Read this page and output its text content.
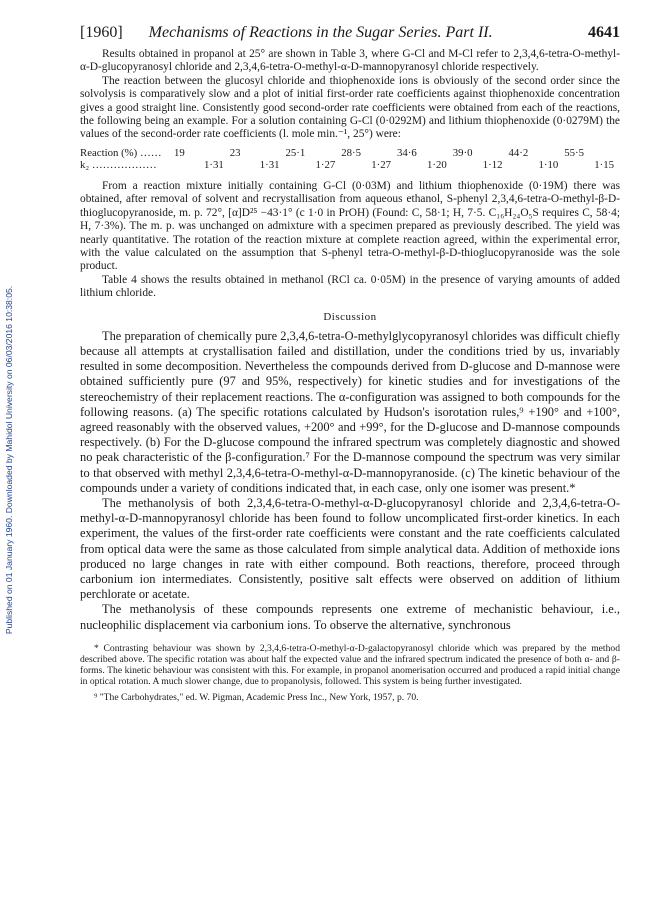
Published on 01 January 1960. Downloaded by Mahidol University on 06/03/2016 10:38:05.
[1960] Mechanisms of Reactions in the Sugar Series. Part II.	4641

Results obtained in propanol at 25° are shown in Table 3, where G-Cl and M-Cl refer to 2,3,4,6-tetra-O-methyl-α-D-glucopyranosyl chloride and 2,3,4,6-tetra-O-methyl-α-D-mannopyranosyl chloride respectively.

The reaction between the glucosyl chloride and thiophenoxide ions is obviously of the second order since the solvolysis is comparatively slow and a plot of initial first-order rate coefficients against thiophenoxide concentration gives a good straight line. Consistently good second-order rate coefficients were obtained from each of the reactions, the following being an example. For a solution containing G-Cl (0·0292M) and lithium thiophenoxide (0·0279M) the values of the second-order rate coefficients (l. mole min.⁻¹, 25°) were:

Reaction (%) ……	19	23	25·1	28·5	34·6	39·0	44·2	55·5
k₂ ………………	1·31	1·31	1·27	1·27	1·20	1·12	1·10	1·15

From a reaction mixture initially containing G-Cl (0·03M) and lithium thiophenoxide (0·19M) there was obtained, after removal of solvent and recrystallisation from aqueous ethanol, S-phenyl 2,3,4,6-tetra-O-methyl-β-D-thioglucopyranoside, m. p. 72°, [α]D²⁵ −43·1° (c 1·0 in PrOH) (Found: C, 58·1; H, 7·5. C₁₆H₂₄O₅S requires C, 58·4; H, 7·3%). The m. p. was unchanged on admixture with a specimen prepared as previously described. The yield was nearly quantitative. The rotation of the reaction mixture at complete reaction agreed, within the experimental error, with the value calculated on the assumption that S-phenyl tetra-O-methyl-β-D-thioglucopyranoside was the sole product.

Table 4 shows the results obtained in methanol (RCl ca. 0·05M) in the presence of varying amounts of added lithium chloride.

Discussion

The preparation of chemically pure 2,3,4,6-tetra-O-methylglycopyranosyl chlorides was difficult chiefly because all attempts at crystallisation failed and distillation, under the conditions tried by us, invariably resulted in some decomposition. Nevertheless the compounds derived from D-glucose and D-mannose were obtained sufficiently pure (97 and 95%, respectively) for kinetic studies and for investigations of the stereochemistry of their replacement reactions. The α-configuration was assigned to both compounds for the following reasons. (a) The specific rotations calculated by Hudson's isorotation rules,⁹ +190° and +100°, agreed reasonably with the observed values, +200° and +99°, for the D-glucose and D-mannose compounds respectively. (b) For the D-glucose compound the infrared spectrum was completely diagnostic and showed no peak characteristic of the β-configuration.⁷ For the D-mannose compound the spectrum was very similar to that observed with methyl 2,3,4,6-tetra-O-methyl-α-D-mannopyranoside. (c) The kinetic behaviour of the compounds under a variety of conditions indicated that, in each case, only one isomer was present.*

The methanolysis of both 2,3,4,6-tetra-O-methyl-α-D-glucopyranosyl chloride and 2,3,4,6-tetra-O-methyl-α-D-mannopyranosyl chloride has been found to follow uncomplicated first-order kinetics. In each experiment, the values of the first-order rate coefficients were constant and the rate coefficients calculated from optical data were the same as those calculated from simple analytical data. Addition of methoxide ions produced no large changes in rate with either compound. Both reactions, therefore, proceed through carbonium ion intermediates. Consistently, positive salt effects were observed on addition of lithium perchlorate or acetate.

The methanolysis of these compounds represents one extreme of mechanistic behaviour, i.e., nucleophilic displacement via carbonium ions. To observe the alternative, synchronous

* Contrasting behaviour was shown by 2,3,4,6-tetra-O-methyl-α-D-galactopyranosyl chloride which was prepared by the method described above. The specific rotation was about half the expected value and the infrared spectrum indicated the presence of both α- and β-forms. The kinetic behaviour was consistent with this. For example, in propanol anomerisation occurred and produced a rapid initial change in optical rotation. A much slower change, due to propanolysis, followed. This system is being further investigated.

⁹ "The Carbohydrates," ed. W. Pigman, Academic Press Inc., New York, 1957, p. 70.
